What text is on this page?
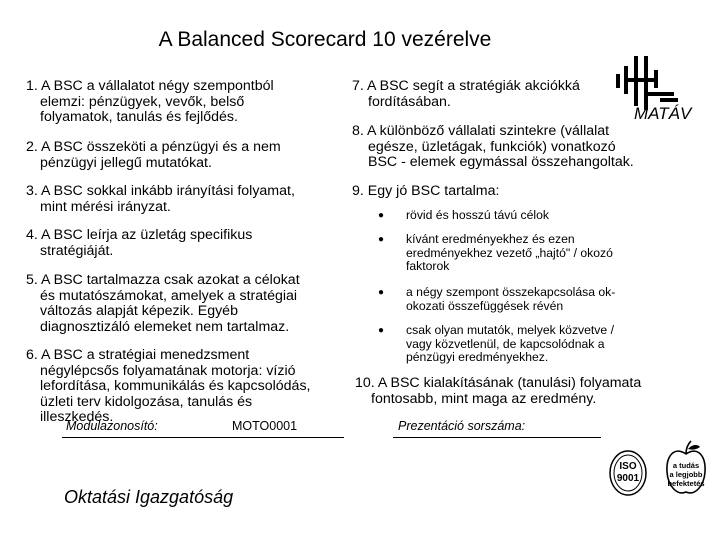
A Balanced Scorecard 10 vezérelve
MATÁV
1. A BSC a vállalatot négy szempontból
elemzi: pénzügyek, vevők, belső
folyamatok, tanulás és fejlődés.
2. A BSC összeköti a pénzügyi és a nem
pénzügyi jellegű mutatókat.
3. A BSC sokkal inkább irányítási folyamat,
mint mérési irányzat.
4. A BSC leírja az üzletág specifikus
stratégiáját.
5. A BSC tartalmazza csak azokat a célokat
és mutatószámokat, amelyek a stratégiai
változás alapját képezik. Egyéb
diagnosztizáló elemeket nem tartalmaz.
6. A BSC a stratégiai menedzsment
négylépcsős folyamatának motorja: vízió
lefordítása, kommunikálás és kapcsolódás,
üzleti terv kidolgozása, tanulás és
illeszkedés.
7. A BSC segít a stratégiák akciókká
fordításában.
8. A különböző vállalati szintekre (vállalat
egésze, üzletágak, funkciók) vonatkozó
BSC - elemek egymással összehangoltak.
9. Egy jó BSC tartalma:
● rövid és hosszú távú célok
● kívánt eredményekhez és ezen
eredményekhez vezető „hajtó" / okozó
faktorok
● a négy szempont összekapcsolása ok-
okozati összefüggések révén
● csak olyan mutatók, melyek közvetve /
vagy közvetlenül, de kapcsolódnak a
pénzügyi eredményekhez.
10. A BSC kialakításának (tanulási) folyamata
fontosabb, mint maga az eredmény.
Modulazonosító:	MOTO0001	Prezentáció sorszáma:
Oktatási Igazgatóság
ISO
9001
a tudás
a legjobb
befektetés
